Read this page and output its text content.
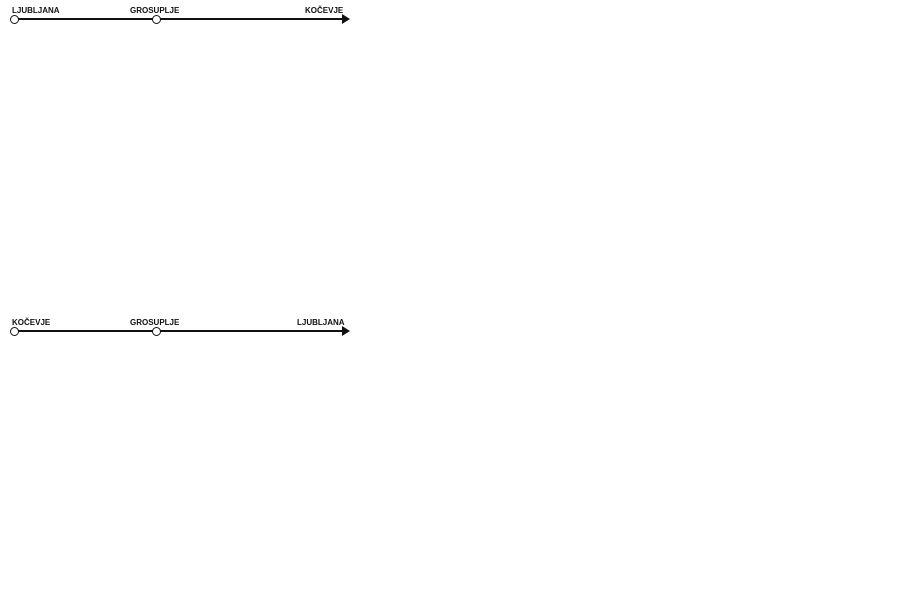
LJUBLJANA	GROSUPLJE	KOČEVJE
KOČEVJE	GROSUPLJE	LJUBLJANA
